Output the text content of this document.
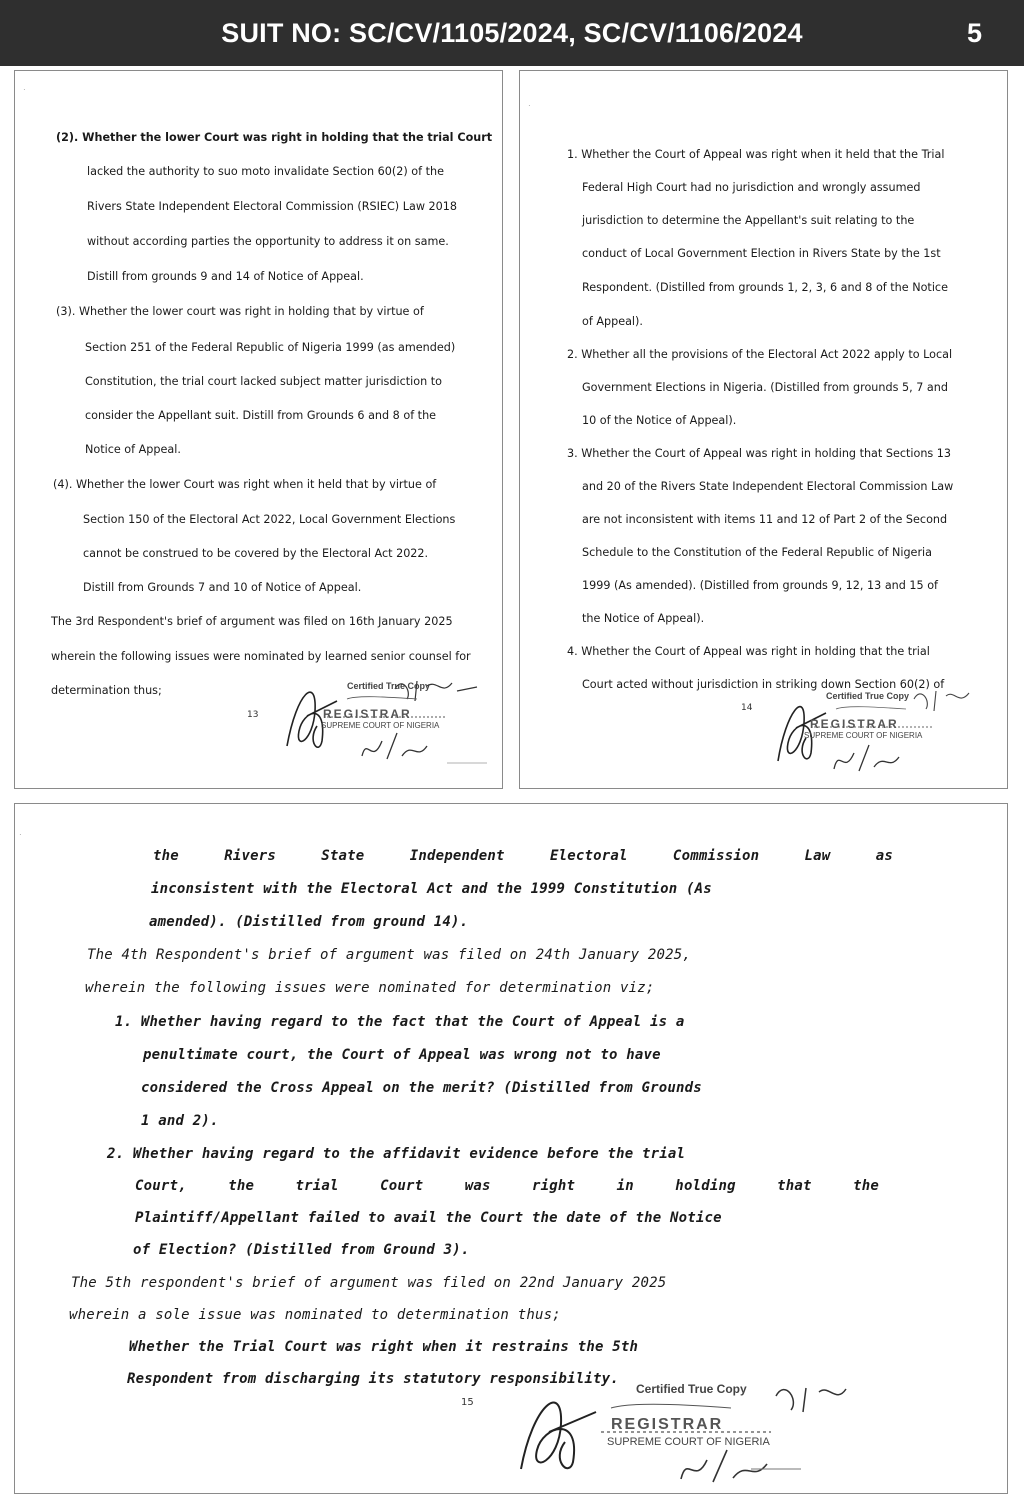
SUIT NO: SC/CV/1105/2024, SC/CV/1106/2024	5
·
(2). Whether the lower Court was right in holding that the trial Court
lacked the authority to suo moto invalidate Section 60(2) of the
Rivers State Independent Electoral Commission (RSIEC) Law 2018
without according parties the opportunity to address it on same.
Distill from grounds 9 and 14 of Notice of Appeal.
(3). Whether the lower court was right in holding that by virtue of
Section 251 of the Federal Republic of Nigeria 1999 (as amended)
Constitution, the trial court lacked subject matter jurisdiction to
consider the Appellant suit. Distill from Grounds 6 and 8 of the
Notice of Appeal.
(4). Whether the lower Court was right when it held that by virtue of
Section 150 of the Electoral Act 2022, Local Government Elections
cannot be construed to be covered by the Electoral Act 2022.
Distill from Grounds 7 and 10 of Notice of Appeal.
The 3rd Respondent's brief of argument was filed on 16th January 2025
wherein the following issues were nominated by learned senior counsel for
determination thus;
13
Certified True Copy
REGISTRAR
SUPREME COURT OF NIGERIA
·
1. Whether the Court of Appeal was right when it held that the Trial
Federal High Court had no jurisdiction and wrongly assumed
jurisdiction to determine the Appellant's suit relating to the
conduct of Local Government Election in Rivers State by the 1st
Respondent. (Distilled from grounds 1, 2, 3, 6 and 8 of the Notice
of Appeal).
2. Whether all the provisions of the Electoral Act 2022 apply to Local
Government Elections in Nigeria. (Distilled from grounds 5, 7 and
10 of the Notice of Appeal).
3. Whether the Court of Appeal was right in holding that Sections 13
and 20 of the Rivers State Independent Electoral Commission Law
are not inconsistent with items 11 and 12 of Part 2 of the Second
Schedule to the Constitution of the Federal Republic of Nigeria
1999 (As amended). (Distilled from grounds 9, 12, 13 and 15 of
the Notice of Appeal).
4. Whether the Court of Appeal was right in holding that the trial
Court acted without jurisdiction in striking down Section 60(2) of
14
Certified True Copy
REGISTRAR
SUPREME COURT OF NIGERIA
·
the Rivers State Independent Electoral Commission Law as
inconsistent with the Electoral Act and the 1999 Constitution (As
amended). (Distilled from ground 14).
The 4th Respondent's brief of argument was filed on 24th January 2025,
wherein the following issues were nominated for determination viz;
1. Whether having regard to the fact that the Court of Appeal is a
penultimate court, the Court of Appeal was wrong not to have
considered the Cross Appeal on the merit? (Distilled from Grounds
1 and 2).
2. Whether having regard to the affidavit evidence before the trial
Court, the trial Court was right in holding that the
Plaintiff/Appellant failed to avail the Court the date of the Notice
of Election? (Distilled from Ground 3).
The 5th respondent's brief of argument was filed on 22nd January 2025
wherein a sole issue was nominated to determination thus;
Whether the Trial Court was right when it restrains the 5th
Respondent from discharging its statutory responsibility.
15
Certified True Copy
REGISTRAR
SUPREME COURT OF NIGERIA
